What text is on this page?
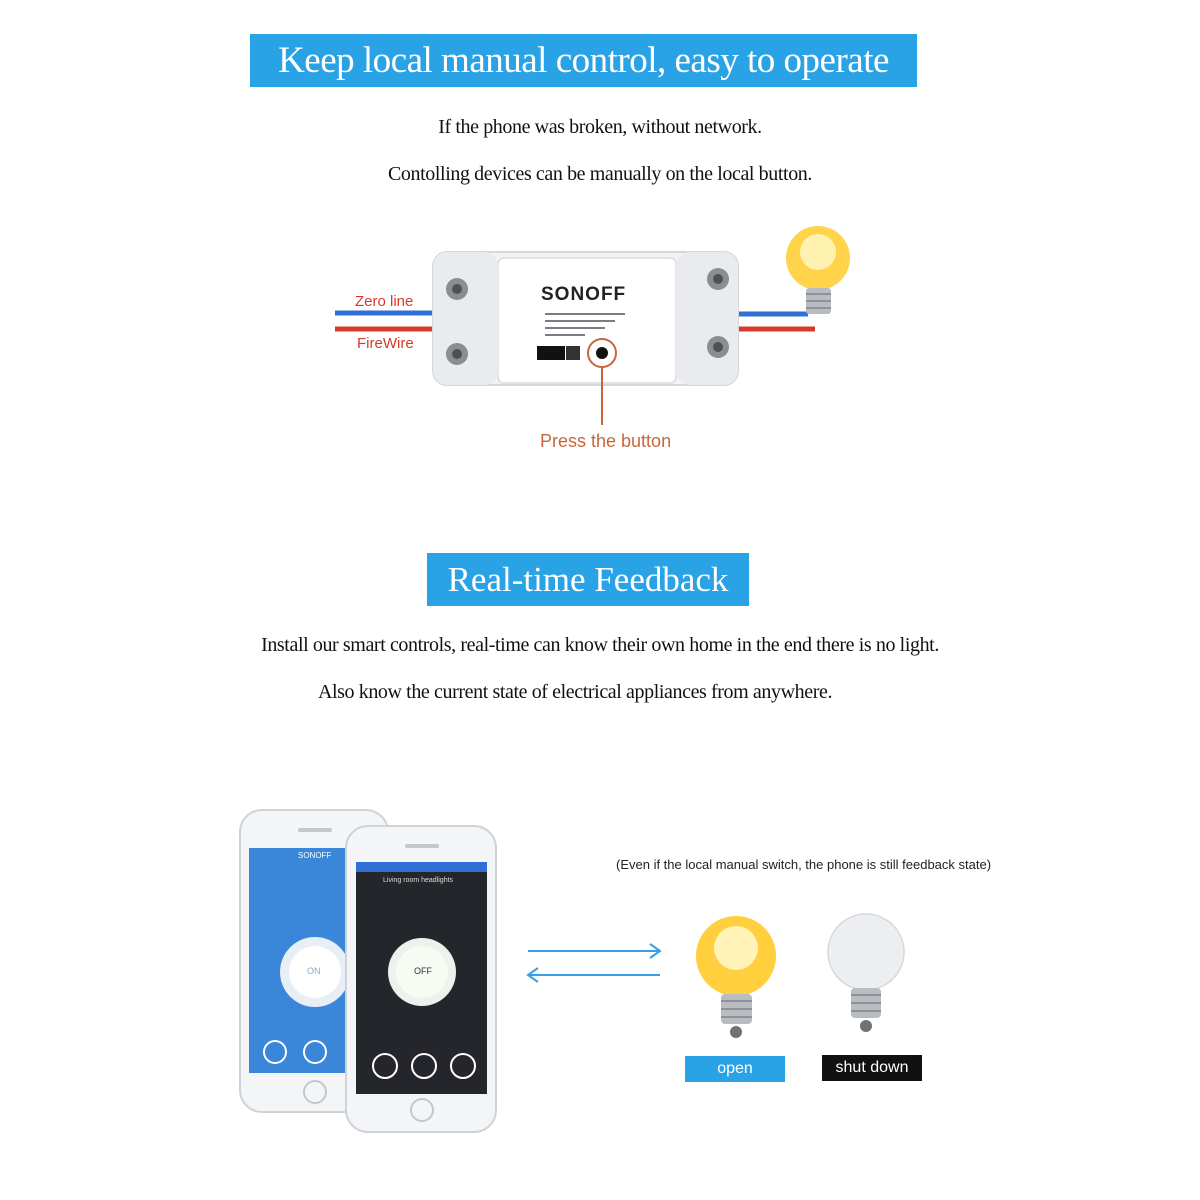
Keep local manual control, easy to operate
If the phone was broken, without network.
Contolling devices can be manually on the local button.
Zero line
FireWire
SONOFF
Press the button
Real-time Feedback
Install our smart controls, real-time can know their own home in the end there is no light.
Also know the current state of electrical appliances from anywhere.
(Even if the local manual switch, the phone is still feedback state)
SONOFF
ON
Living room headlights
OFF
open	shut down
